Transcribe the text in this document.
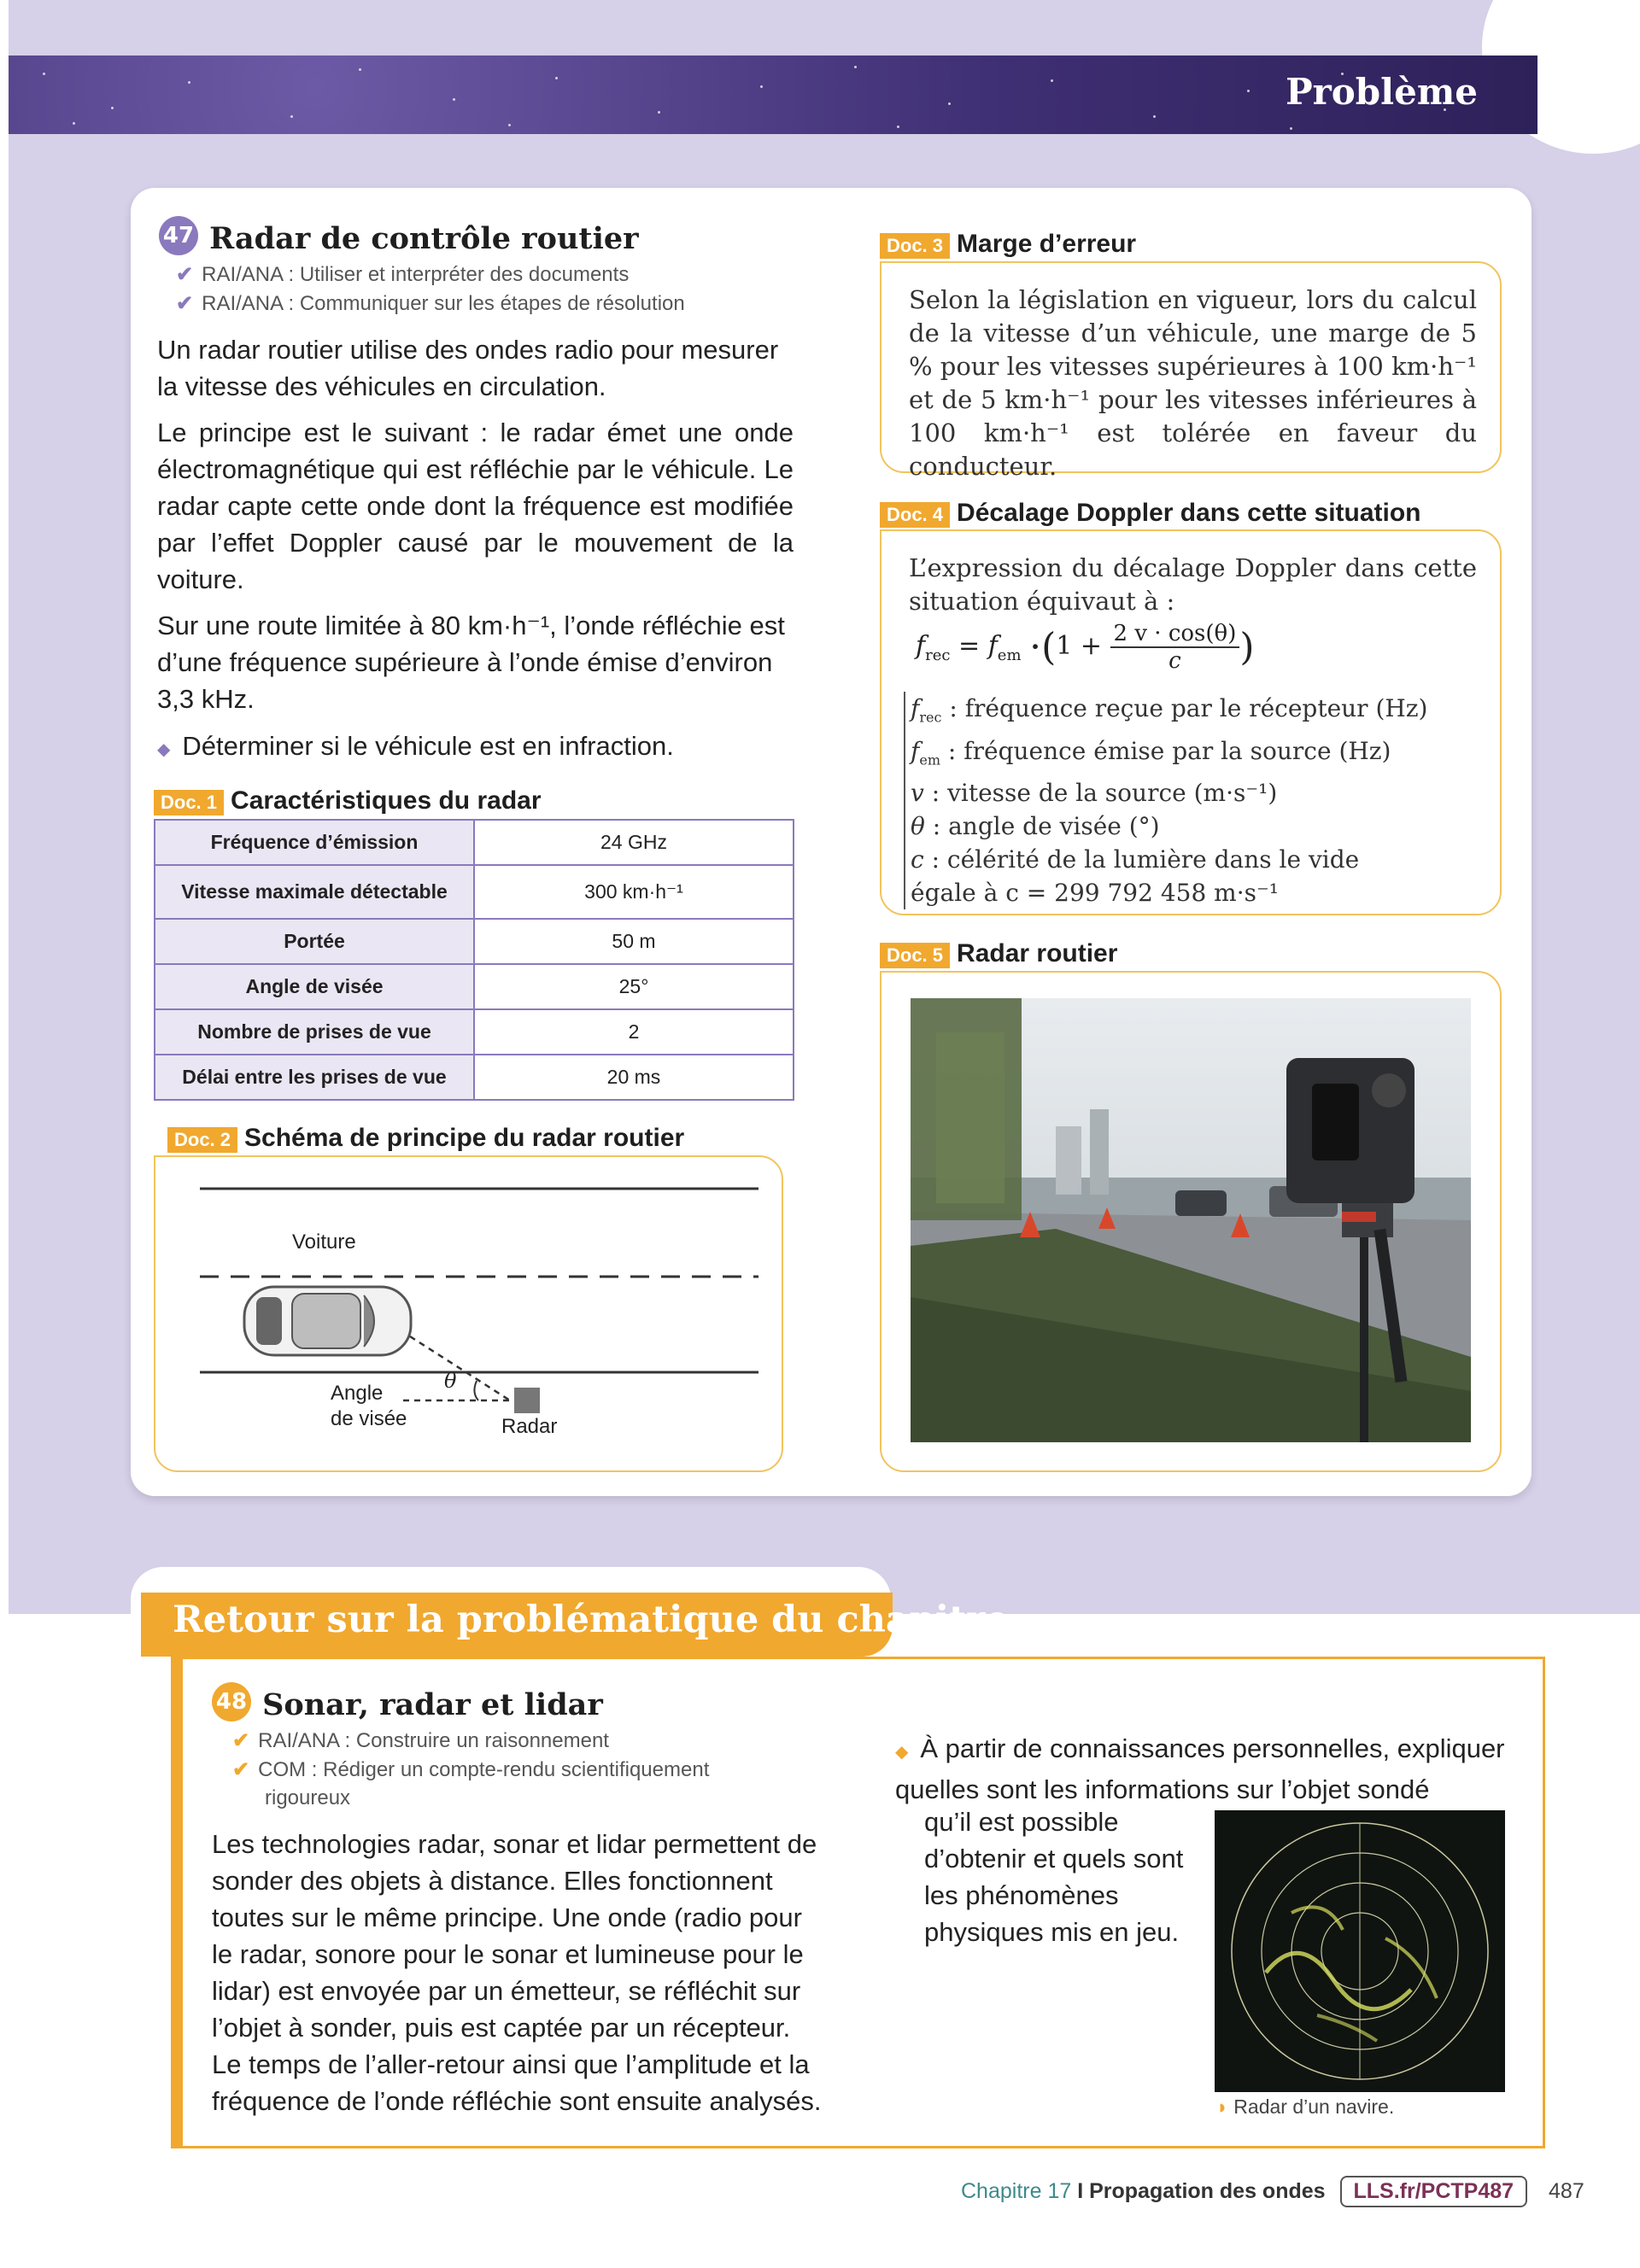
Problème
47 Radar de contrôle routier
✔ RAI/ANA : Utiliser et interpréter des documents
✔ RAI/ANA : Communiquer sur les étapes de résolution
Un radar routier utilise des ondes radio pour mesurer la vitesse des véhicules en circulation.
Le principe est le suivant : le radar émet une onde électromagnétique qui est réfléchie par le véhicule. Le radar capte cette onde dont la fréquence est modifiée par l’effet Doppler causé par le mouvement de la voiture.
Sur une route limitée à 80 km·h⁻¹, l’onde réfléchie est d’une fréquence supérieure à l’onde émise d’environ 3,3 kHz.
◆ Déterminer si le véhicule est en infraction.
Doc. 1 Caractéristiques du radar
Fréquence d’émission	24 GHz
Vitesse maximale détectable	300 km·h⁻¹
Portée	50 m
Angle de visée	25°
Nombre de prises de vue	2
Délai entre les prises de vue	20 ms
Doc. 2 Schéma de principe du radar routier
Voiture
Angle
de visée
θ
Radar
Doc. 3 Marge d’erreur
Selon la législation en vigueur, lors du calcul de la vitesse d’un véhicule, une marge de 5 % pour les vitesses supérieures à 100 km·h⁻¹ et de 5 km·h⁻¹ pour les vitesses inférieures à 100 km·h⁻¹ est tolérée en faveur du conducteur.
Doc. 4 Décalage Doppler dans cette situation
L’expression du décalage Doppler dans cette situation équivaut à :
$f_{rec} = f_{em} \cdot(1 + \frac{2 v \cdot \cos(\theta)}{c}$ )
$f_{rec}$ : fréquence reçue par le récepteur (Hz)
$f_{em}$ : fréquence émise par la source (Hz)
v : vitesse de la source (m·s⁻¹)
θ : angle de visée (°)
c : célérité de la lumière dans le vide
égale à c = 299 792 458 m·s⁻¹
Doc. 5 Radar routier
Retour sur la problématique du chapitre
48 Sonar, radar et lidar
✔ RAI/ANA : Construire un raisonnement
✔ COM : Rédiger un compte-rendu scientifiquement
rigoureux
Les technologies radar, sonar et lidar permettent de sonder des objets à distance. Elles fonctionnent toutes sur le même principe. Une onde (radio pour le radar, sonore pour le sonar et lumineuse pour le lidar) est envoyée par un émetteur, se réfléchit sur l’objet à sonder, puis est captée par un récepteur. Le temps de l’aller-retour ainsi que l’amplitude et la fréquence de l’onde réfléchie sont ensuite analysés.
◆ À partir de connaissances personnelles, expliquer quelles sont les informations sur l’objet sondé
qu’il est possible d’obtenir et quels sont les phénomènes physiques mis en jeu.
◗ Radar d’un navire.
Chapitre 17 I Propagation des ondes LLS.fr/PCTP487 487
